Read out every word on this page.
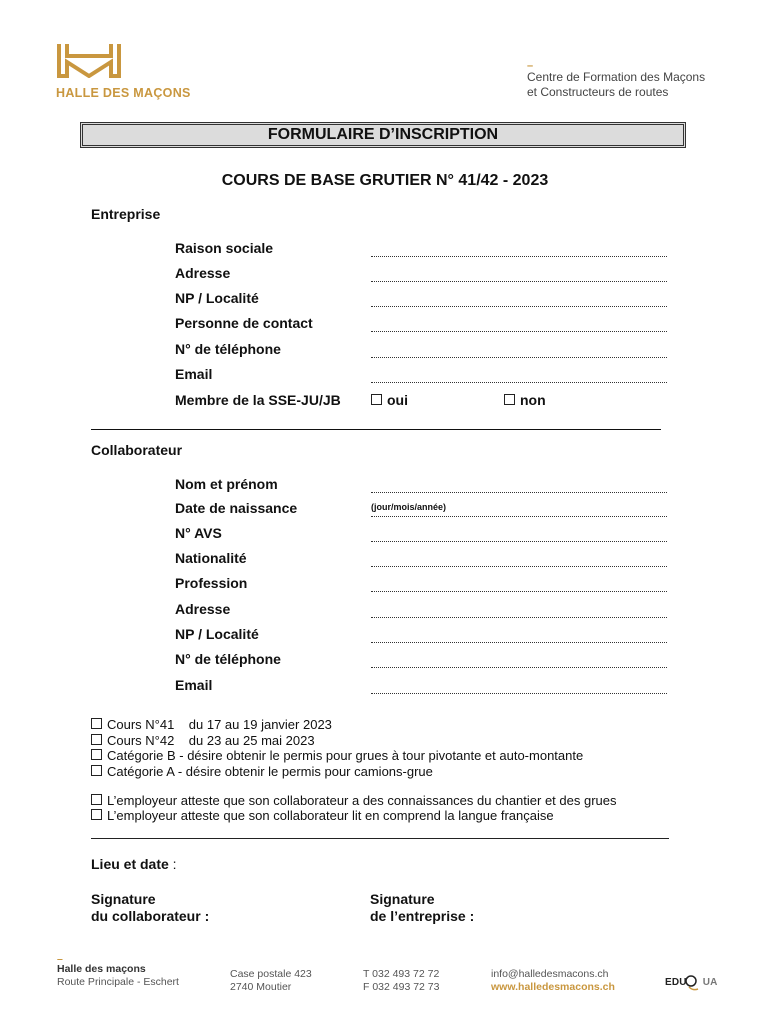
HALLE DES MAÇONS
–
Centre de Formation des Maçons
et Constructeurs de routes
FORMULAIRE D’INSCRIPTION
COURS DE BASE GRUTIER N° 41/42 - 2023
Entreprise
Raison sociale
Adresse
NP / Localité
Personne de contact
N° de téléphone
Email
Membre de la SSE-JU/JB	oui	non
Collaborateur
Nom et prénom
Date de naissance	(jour/mois/année)
N° AVS
Nationalité
Profession
Adresse
NP / Localité
N° de téléphone
Email
Cours N°41    du 17 au 19 janvier 2023
Cours N°42    du 23 au 25 mai 2023
Catégorie B - désire obtenir le permis pour grues à tour pivotante et auto-montante
Catégorie A - désire obtenir le permis pour camions-grue
L’employeur atteste que son collaborateur a des connaissances du chantier et des grues
L’employeur atteste que son collaborateur lit en comprend la langue française
Lieu et date :
Signature
du collaborateur :
Signature
de l’entreprise :
–
Halle des maçons
Route Principale - Eschert
Case postale 423
2740 Moutier
T 032 493 72 72
F 032 493 72 73
info@halledesmacons.ch
www.halledesmacons.ch	EDU UA
